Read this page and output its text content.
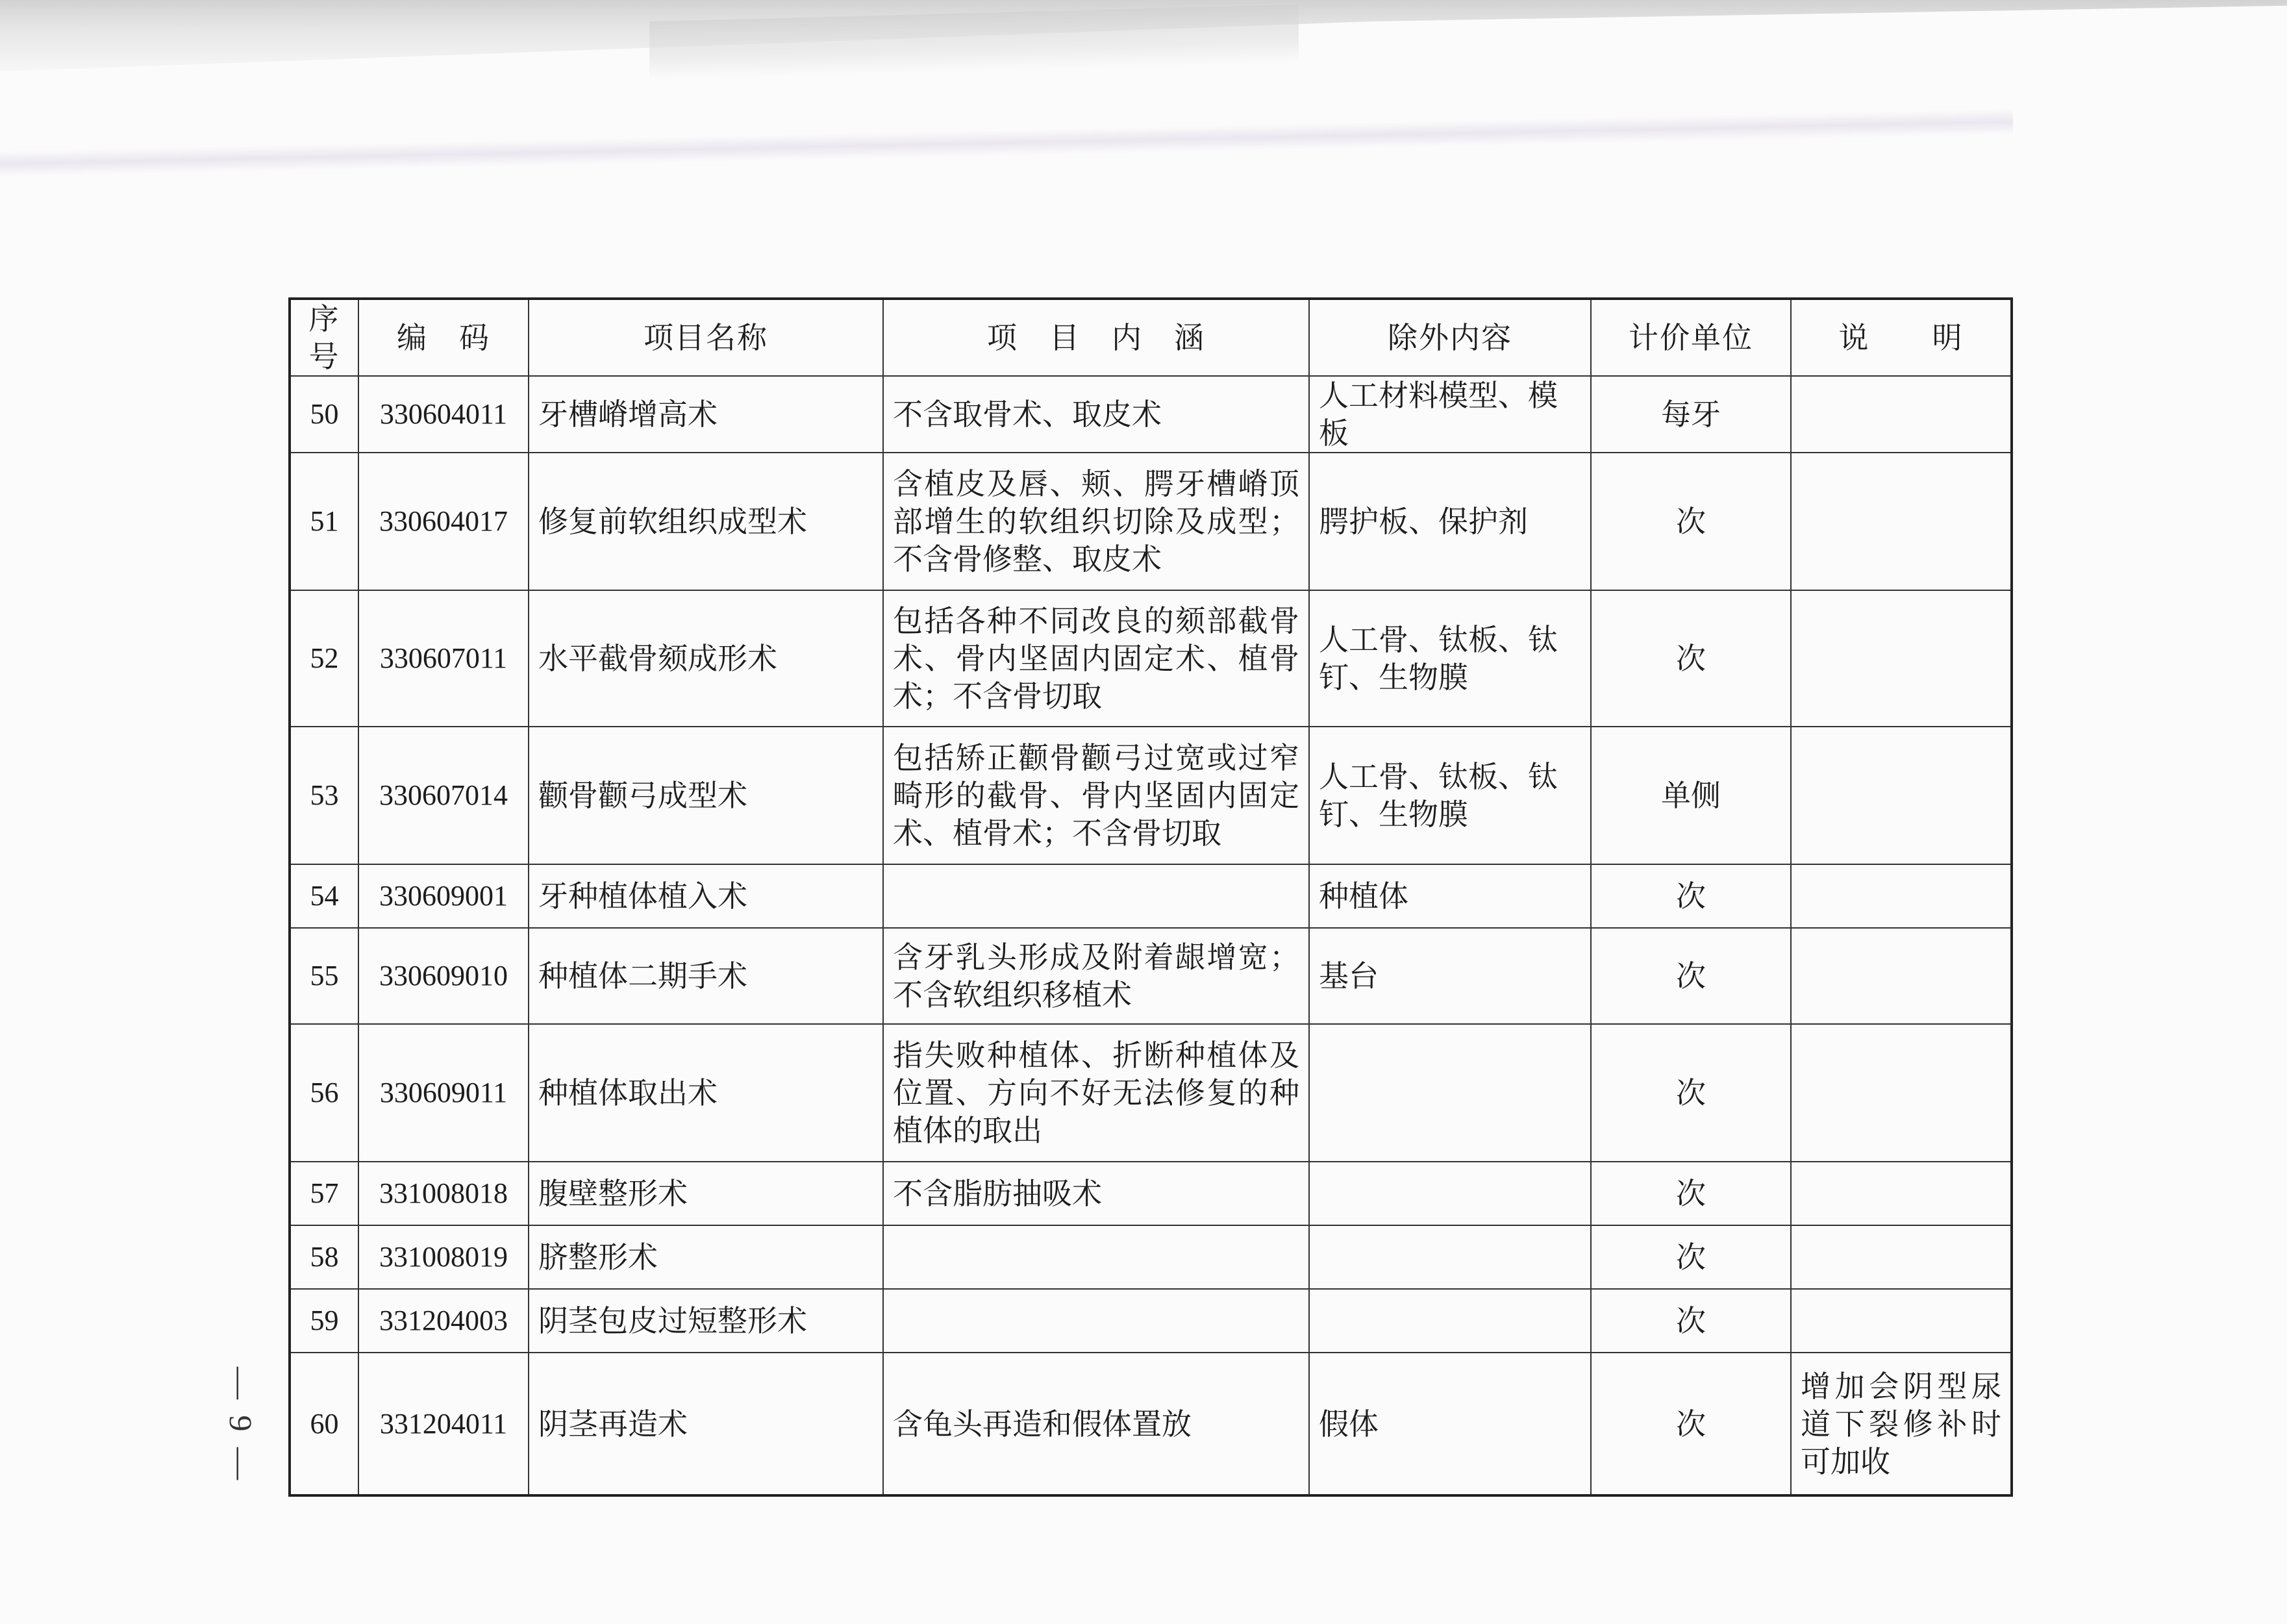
序号	编　码	项目名称	项　目　内　涵	除外内容	计价单位	说　　明
50	330604011	牙槽嵴增高术	不含取骨术、取皮术	人工材料模型、模板	每牙	
51	330604017	修复前软组织成型术	含植皮及唇、颊、腭牙槽嵴顶部增生的软组织切除及成型；不含骨修整、取皮术	腭护板、保护剂	次	
52	330607011	水平截骨颏成形术	包括各种不同改良的颏部截骨术、骨内坚固内固定术、植骨术；不含骨切取	人工骨、钛板、钛钉、生物膜	次	
53	330607014	颧骨颧弓成型术	包括矫正颧骨颧弓过宽或过窄畸形的截骨、骨内坚固内固定术、植骨术；不含骨切取	人工骨、钛板、钛钉、生物膜	单侧	
54	330609001	牙种植体植入术		种植体	次	
55	330609010	种植体二期手术	含牙乳头形成及附着龈增宽；不含软组织移植术	基台	次	
56	330609011	种植体取出术	指失败种植体、折断种植体及位置、方向不好无法修复的种植体的取出		次	
57	331008018	腹壁整形术	不含脂肪抽吸术		次	
58	331008019	脐整形术			次	
59	331204003	阴茎包皮过短整形术			次	
60	331204011	阴茎再造术	含龟头再造和假体置放	假体	次	增加会阴型尿道下裂修补时可加收
— 9 —
